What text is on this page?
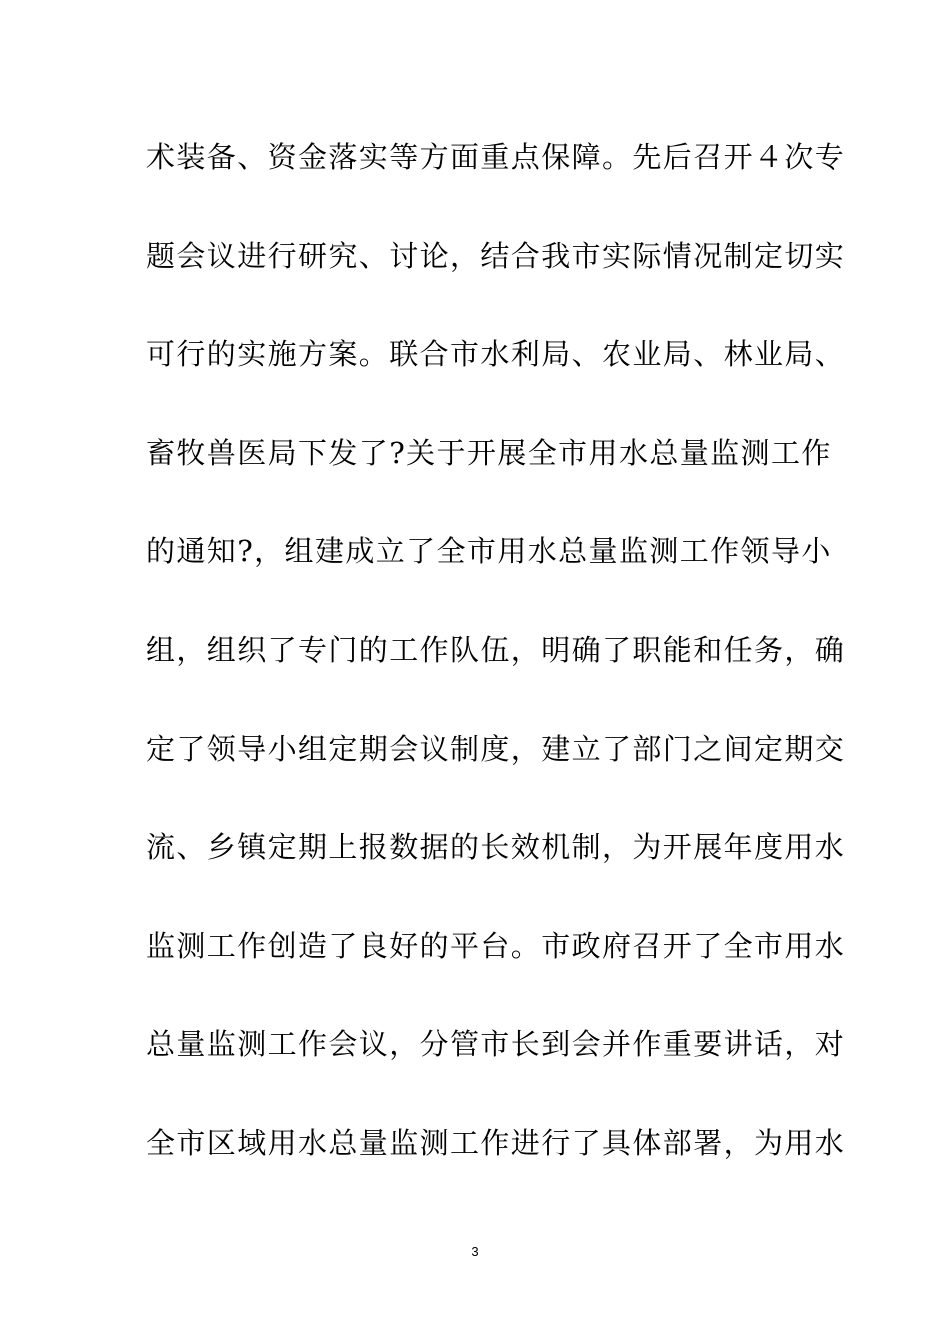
术装备、资金落实等方面重点保障。先后召开４次专
题会议进行研究、讨论，结合我市实际情况制定切实
可行的实施方案。联合市水利局、农业局、林业局、
畜牧兽医局下发了?关于开展全市用水总量监测工作
的通知?，组建成立了全市用水总量监测工作领导小
组，组织了专门的工作队伍，明确了职能和任务，确
定了领导小组定期会议制度，建立了部门之间定期交
流、乡镇定期上报数据的长效机制，为开展年度用水
监测工作创造了良好的平台。市政府召开了全市用水
总量监测工作会议，分管市长到会并作重要讲话，对
全市区域用水总量监测工作进行了具体部署，为用水
3
